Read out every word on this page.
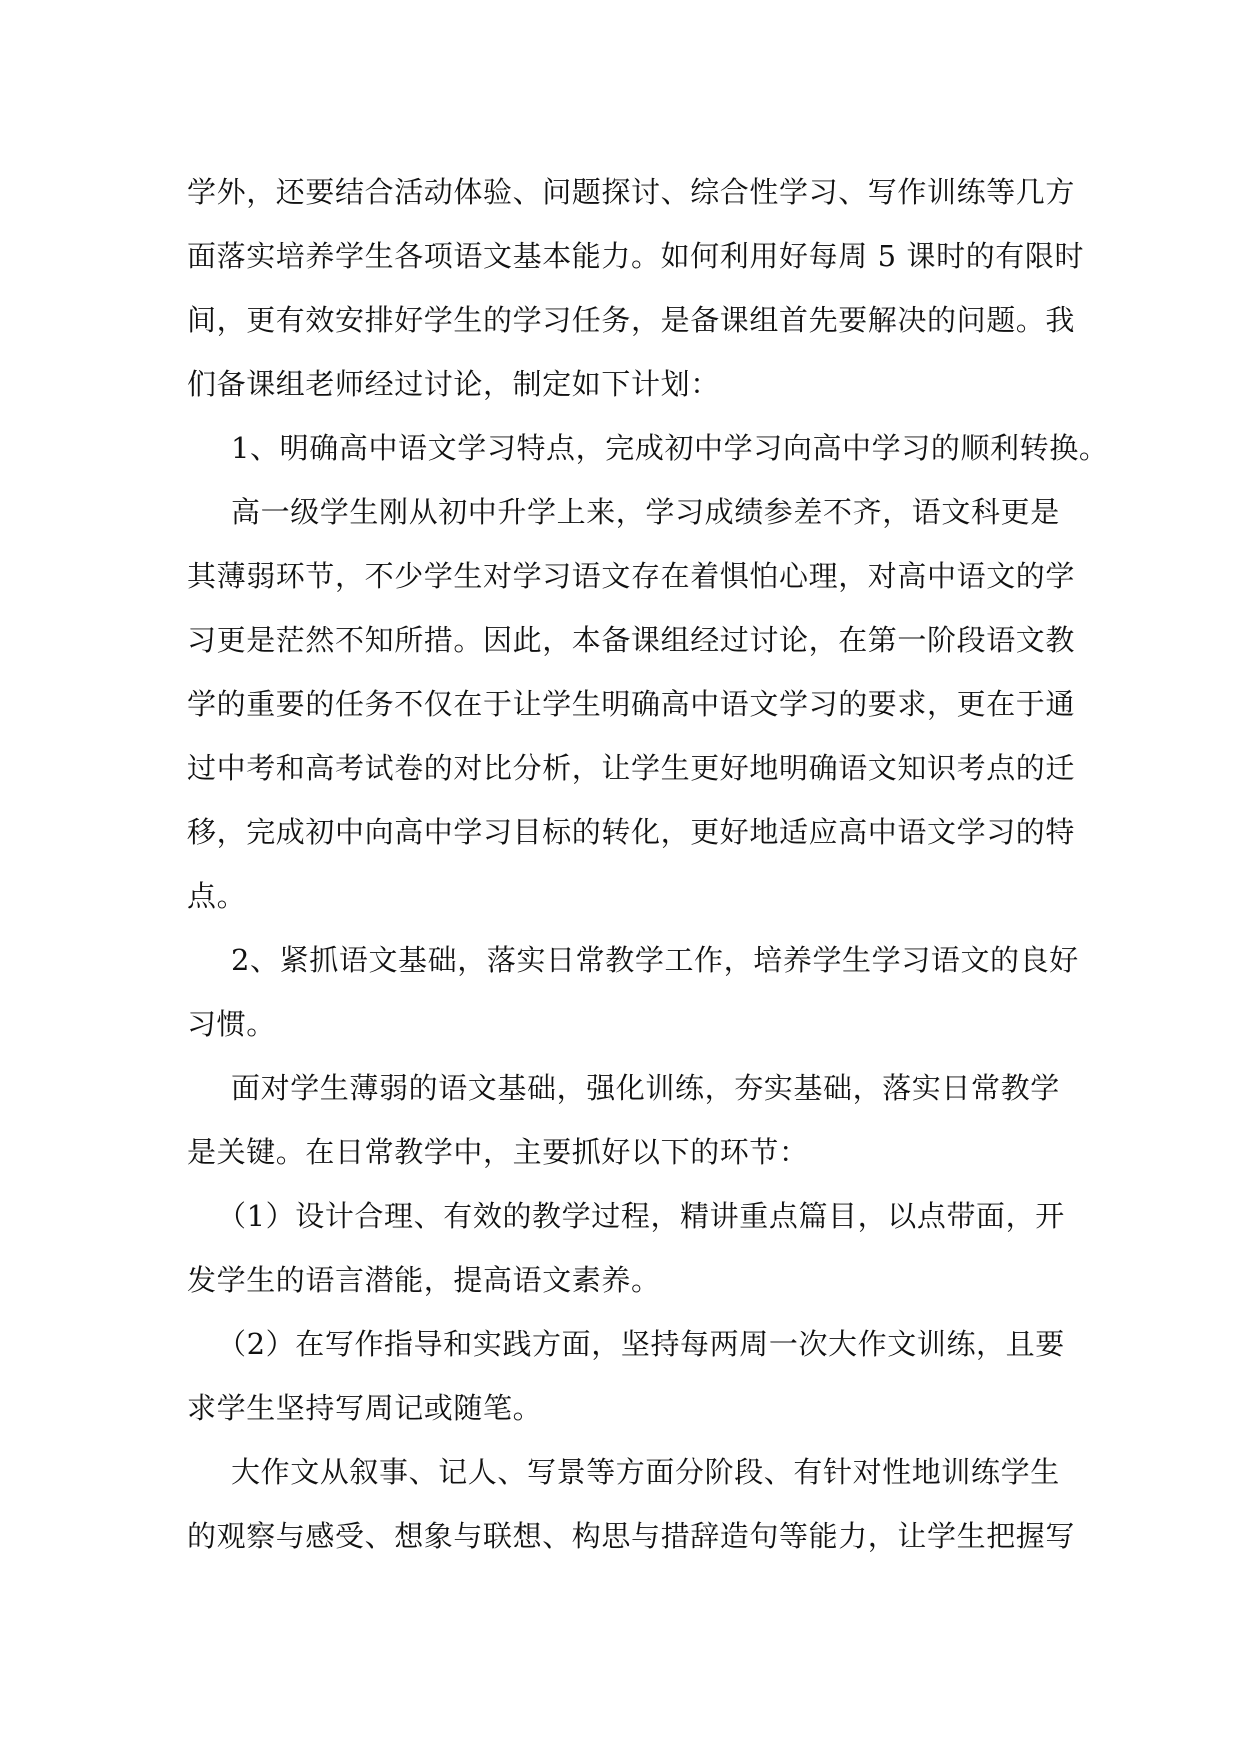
学外，还要结合活动体验、问题探讨、综合性学习、写作训练等几方
面落实培养学生各项语文基本能力。如何利用好每周 5 课时的有限时
间，更有效安排好学生的学习任务，是备课组首先要解决的问题。我
们备课组老师经过讨论，制定如下计划：
1、明确高中语文学习特点，完成初中学习向高中学习的顺利转换。
高一级学生刚从初中升学上来，学习成绩参差不齐，语文科更是
其薄弱环节，不少学生对学习语文存在着惧怕心理，对高中语文的学
习更是茫然不知所措。因此，本备课组经过讨论，在第一阶段语文教
学的重要的任务不仅在于让学生明确高中语文学习的要求，更在于通
过中考和高考试卷的对比分析，让学生更好地明确语文知识考点的迁
移，完成初中向高中学习目标的转化，更好地适应高中语文学习的特
点。
2、紧抓语文基础，落实日常教学工作，培养学生学习语文的良好
习惯。
面对学生薄弱的语文基础，强化训练，夯实基础，落实日常教学
是关键。在日常教学中，主要抓好以下的环节：
（1）设计合理、有效的教学过程，精讲重点篇目，以点带面，开
发学生的语言潜能，提高语文素养。
（2）在写作指导和实践方面，坚持每两周一次大作文训练，且要
求学生坚持写周记或随笔。
大作文从叙事、记人、写景等方面分阶段、有针对性地训练学生
的观察与感受、想象与联想、构思与措辞造句等能力，让学生把握写
